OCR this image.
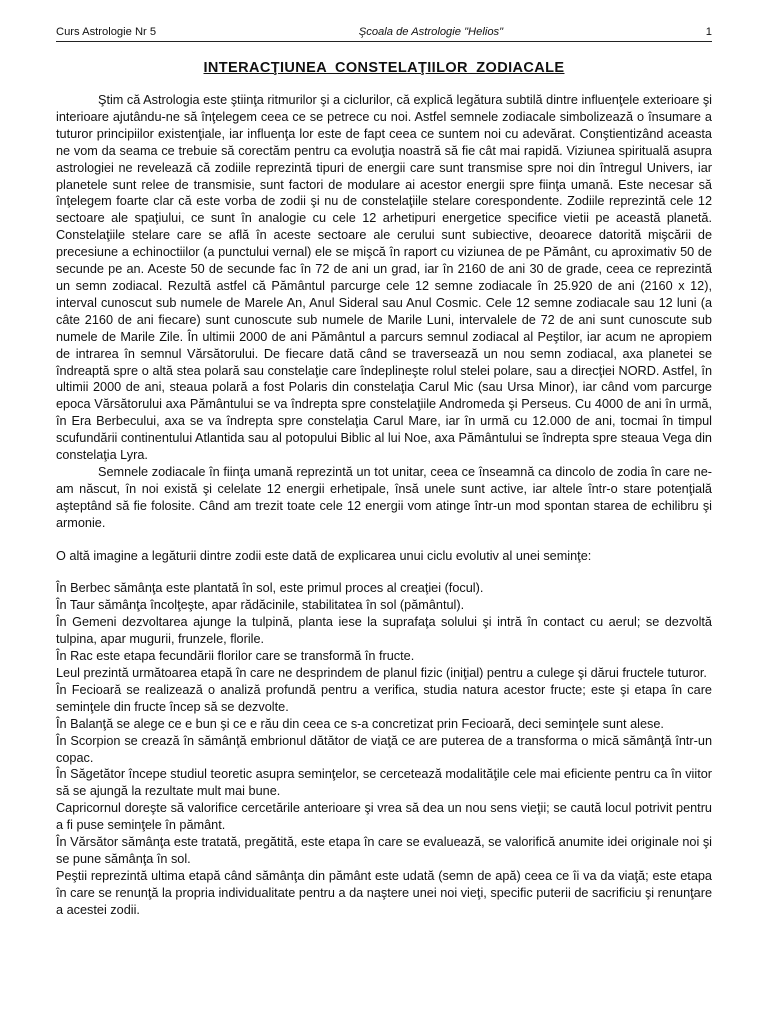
Curs Astrologie Nr 5	Şcoala de Astrologie "Helios"	1
INTERACŢIUNEA CONSTELAŢIILOR ZODIACALE

Ştim că Astrologia este ştiinţa ritmurilor şi a ciclurilor, că explică legătura subtilă dintre influenţele exterioare şi interioare ajutându-ne să înţelegem ceea ce se petrece cu noi. Astfel semnele zodiacale simbolizează o însumare a tuturor principiilor existenţiale, iar influenţa lor este de fapt ceea ce suntem noi cu adevărat. Conştientizând aceasta ne vom da seama ce trebuie să corectăm pentru ca evoluţia noastră să fie cât mai rapidă. Viziunea spirituală asupra astrologiei ne revelează că zodiile reprezintă tipuri de energii care sunt transmise spre noi din întregul Univers, iar planetele sunt relee de transmisie, sunt factori de modulare ai acestor energii spre fiinţa umană. Este necesar să înţelegem foarte clar că este vorba de zodii şi nu de constelaţiile stelare corespondente. Zodiile reprezintă cele 12 sectoare ale spaţiului, ce sunt în analogie cu cele 12 arhetipuri energetice specifice vietii pe această planetă. Constelaţiile stelare care se află în aceste sectoare ale cerului sunt subiective, deoarece datorită mişcării de precesiune a echinoctiilor (a punctului vernal) ele se mişcă în raport cu viziunea de pe Pământ, cu aproximativ 50 de secunde pe an. Aceste 50 de secunde fac în 72 de ani un grad, iar în 2160 de ani 30 de grade, ceea ce reprezintă un semn zodiacal. Rezultă astfel că Pământul parcurge cele 12 semne zodiacale în 25.920 de ani (2160 x 12), interval cunoscut sub numele de Marele An, Anul Sideral sau Anul Cosmic. Cele 12 semne zodiacale sau 12 luni (a câte 2160 de ani fiecare) sunt cunoscute sub numele de Marile Luni, intervalele de 72 de ani sunt cunoscute sub numele de Marile Zile. În ultimii 2000 de ani Pământul a parcurs semnul zodiacal al Peştilor, iar acum ne apropiem de intrarea în semnul Vărsătorului. De fiecare dată când se traversează un nou semn zodiacal, axa planetei se îndreaptă spre o altă stea polară sau constelaţie care îndeplineşte rolul stelei polare, sau a direcţiei NORD. Astfel, în ultimii 2000 de ani, steaua polară a fost Polaris din constelaţia Carul Mic (sau Ursa Minor), iar când vom parcurge epoca Vărsătorului axa Pământului se va îndrepta spre constelaţiile Andromeda şi Perseus. Cu 4000 de ani în urmă, în Era Berbecului, axa se va îndrepta spre constelaţia Carul Mare, iar în urmă cu 12.000 de ani, tocmai în timpul scufundării continentului Atlantida sau al potopului Biblic al lui Noe, axa Pământului se îndrepta spre steaua Vega din constelaţia Lyra.

Semnele zodiacale în fiinţa umană reprezintă un tot unitar, ceea ce înseamnă ca dincolo de zodia în care ne-am născut, în noi există şi celelate 12 energii erhetipale, însă unele sunt active, iar altele într-o stare potenţială aşteptând să fie folosite. Când am trezit toate cele 12 energii vom atinge într-un mod spontan starea de echilibru şi armonie.

O altă imagine a legăturii dintre zodii este dată de explicarea unui ciclu evolutiv al unei seminţe:

În Berbec sămânţa este plantată în sol, este primul proces al creaţiei (focul).

În Taur sămânţa încolţeşte, apar rădăcinile, stabilitatea în sol (pământul).

În Gemeni dezvoltarea ajunge la tulpină, planta iese la suprafaţa solului şi intră în contact cu aerul; se dezvoltă tulpina, apar mugurii, frunzele, florile.

În Rac este etapa fecundării florilor care se transformă în fructe.

Leul prezintă următoarea etapă în care ne desprindem de planul fizic (iniţial) pentru a culege şi dărui fructele tuturor.

În Fecioară se realizează o analiză profundă pentru a verifica, studia natura acestor fructe; este şi etapa în care seminţele din fructe încep să se dezvolte.

În Balanţă se alege ce e bun şi ce e rău din ceea ce s-a concretizat prin Fecioară, deci seminţele sunt alese.

În Scorpion se crează în sămânţă embrionul dătător de viaţă ce are puterea de a transforma o mică sămânţă într-un copac.

În Săgetător începe studiul teoretic asupra seminţelor, se cercetează modalităţile cele mai eficiente pentru ca în viitor să se ajungă la rezultate mult mai bune.

Capricornul doreşte să valorifice cercetările anterioare şi vrea să dea un nou sens vieţii; se caută locul potrivit pentru a fi puse seminţele în pământ.

În Vărsător sămânţa este tratată, pregătită, este etapa în care se evaluează, se valorifică anumite idei originale noi şi se pune sămânţa în sol.

Peştii reprezintă ultima etapă când sămânţa din pământ este udată (semn de apă) ceea ce îi va da viaţă; este etapa în care se renunţă la propria individualitate pentru a da naştere unei noi vieţi, specific puterii de sacrificiu şi renunţare a acestei zodii.
